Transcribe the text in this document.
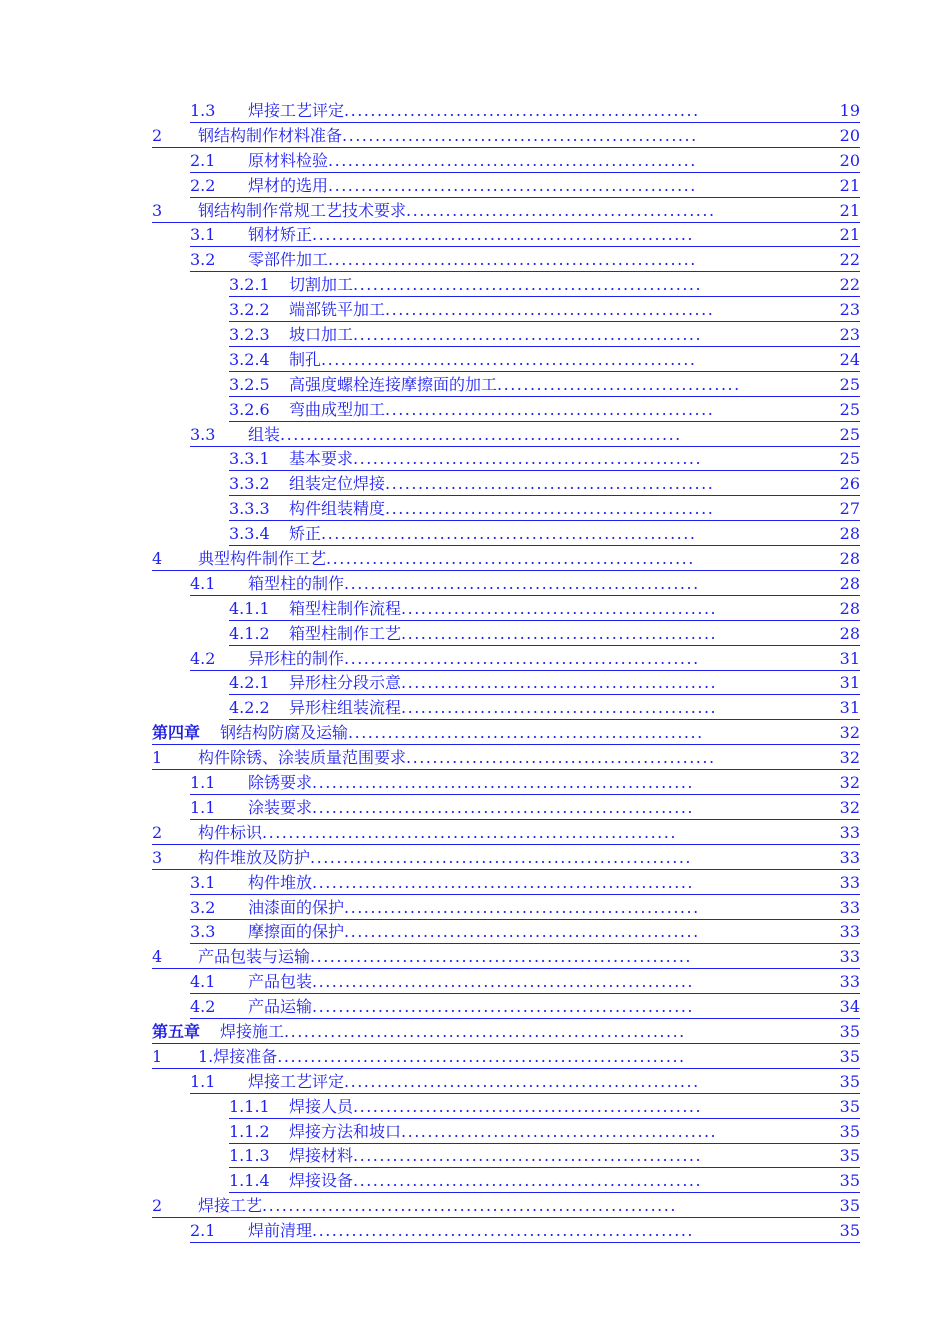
1.3	焊接工艺评定 ......................................................	19
2	钢结构制作材料准备 ......................................................	20
2.1	原材料检验 ........................................................	20
2.2	焊材的选用 ........................................................	21
3	钢结构制作常规工艺技术要求 ...............................................	21
3.1	钢材矫正 ..........................................................	21
3.2	零部件加工 ........................................................	22
3.2.1	切割加工 .....................................................	22
3.2.2	端部铣平加工 ..................................................	23
3.2.3	坡口加工 .....................................................	23
3.2.4	制孔 .........................................................	24
3.2.5	高强度螺栓连接摩擦面的加工 .....................................	25
3.2.6	弯曲成型加工 ..................................................	25
3.3	组装 .............................................................	25
3.3.1	基本要求 .....................................................	25
3.3.2	组装定位焊接 ..................................................	26
3.3.3	构件组装精度 ..................................................	27
3.3.4	矫正 .........................................................	28
4	典型构件制作工艺 ........................................................	28
4.1	箱型柱的制作 ......................................................	28
4.1.1	箱型柱制作流程 ................................................	28
4.1.2	箱型柱制作工艺 ................................................	28
4.2	异形柱的制作 ......................................................	31
4.2.1	异形柱分段示意 ................................................	31
4.2.2	异形柱组装流程 ................................................	31
第四章	钢结构防腐及运输 ......................................................	32
1	构件除锈、涂装质量范围要求 ...............................................	32
1.1	除锈要求 ..........................................................	32
1.1	涂装要求 ..........................................................	32
2	构件标识 ...............................................................	33
3	构件堆放及防护 ..........................................................	33
3.1	构件堆放 ..........................................................	33
3.2	油漆面的保护 ......................................................	33
3.3	摩擦面的保护 ......................................................	33
4	产品包装与运输 ..........................................................	33
4.1	产品包装 ..........................................................	33
4.2	产品运输 ..........................................................	34
第五章	焊接施工 .............................................................	35
1	1.焊接准备 ..............................................................	35
1.1	焊接工艺评定 ......................................................	35
1.1.1	焊接人员 .....................................................	35
1.1.2	焊接方法和坡口 ................................................	35
1.1.3	焊接材料 .....................................................	35
1.1.4	焊接设备 .....................................................	35
2	焊接工艺 ...............................................................	35
2.1	焊前清理 ..........................................................	35
